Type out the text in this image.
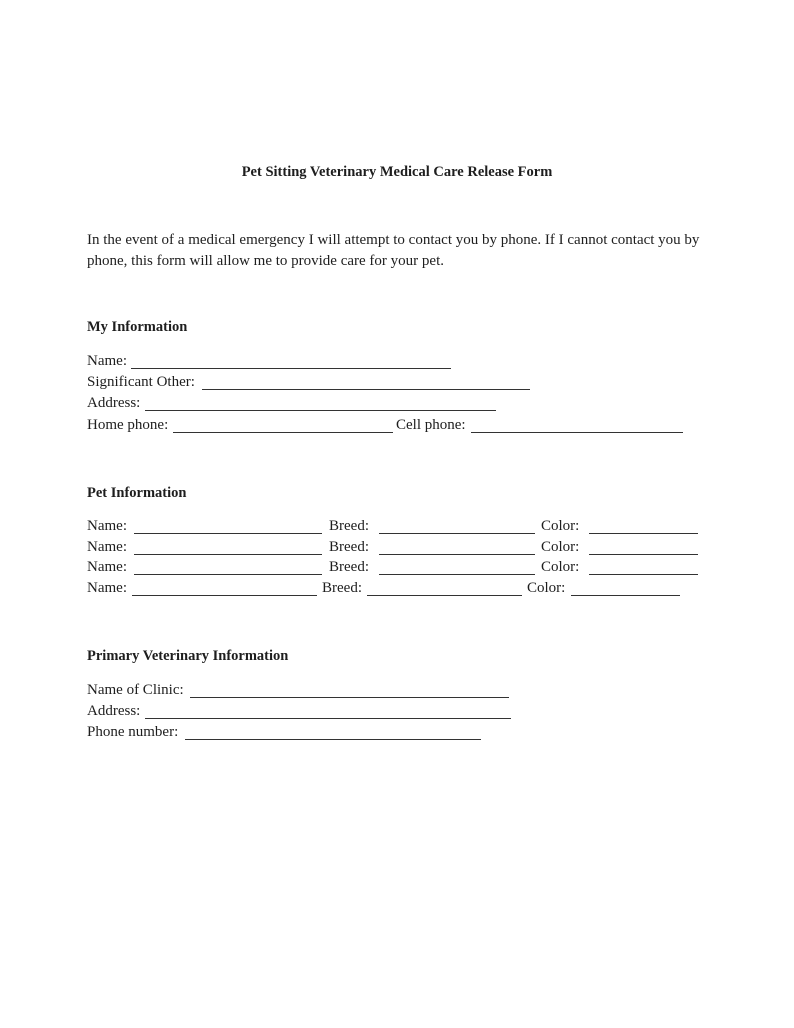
Pet Sitting Veterinary Medical Care Release Form
In the event of a medical emergency I will attempt to contact you by phone. If I cannot contact you by phone, this form will allow me to provide care for your pet.
My Information
Name:
Significant Other:
Address:
Home phone:	Cell phone:
Pet Information
Name:	Breed:	Color:
Name:	Breed:	Color:
Name:	Breed:	Color:
Name:	Breed:	Color:
Primary Veterinary Information
Name of Clinic:
Address:
Phone number:
